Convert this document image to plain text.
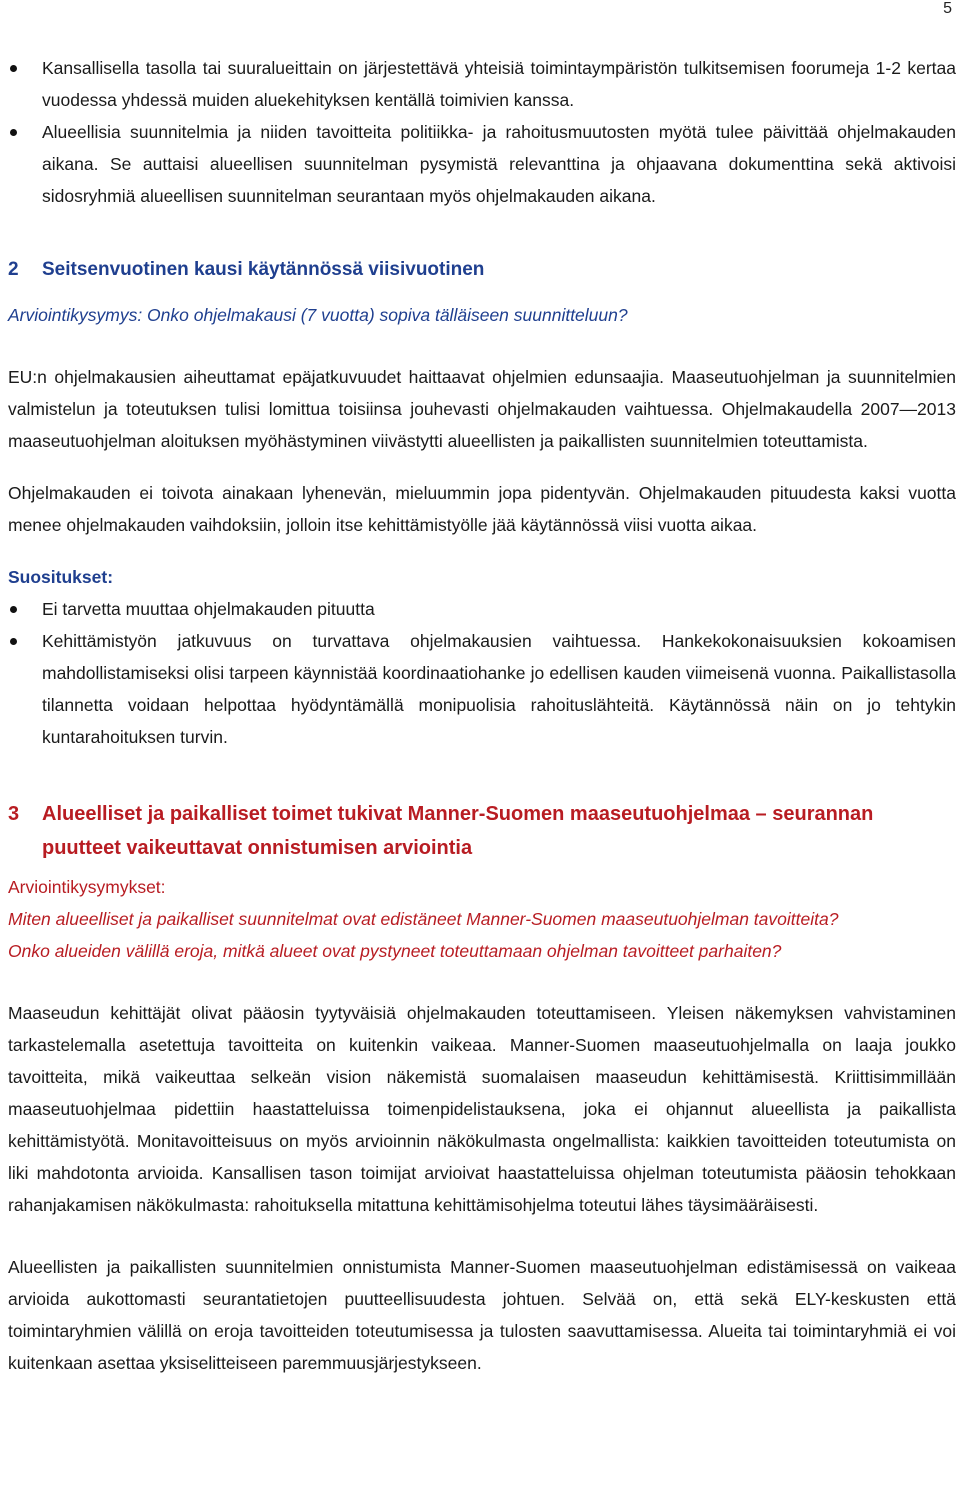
5
Kansallisella tasolla tai suuralueittain on järjestettävä yhteisiä toimintaympäristön tulkitsemisen foorumeja 1-2 kertaa vuodessa yhdessä muiden aluekehityksen kentällä toimivien kanssa.
Alueellisia suunnitelmia ja niiden tavoitteita politiikka- ja rahoitusmuutosten myötä tulee päivittää ohjelmakauden aikana. Se auttaisi alueellisen suunnitelman pysymistä relevanttina ja ohjaavana dokumenttina sekä aktivoisi sidosryhmiä alueellisen suunnitelman seurantaan myös ohjelmakauden aikana.
2 Seitsenvuotinen kausi käytännössä viisivuotinen
Arviointikysymys: Onko ohjelmakausi (7 vuotta) sopiva tälläiseen suunnitteluun?

EU:n ohjelmakausien aiheuttamat epäjatkuvuudet haittaavat ohjelmien edunsaajia. Maaseutuohjelman ja suunnitelmien valmistelun ja toteutuksen tulisi lomittua toisiinsa jouhevasti ohjelmakauden vaihtuessa. Ohjelmakaudella 2007—2013 maaseutuohjelman aloituksen myöhästyminen viivästytti alueellisten ja paikallisten suunnitelmien toteuttamista.

Ohjelmakauden ei toivota ainakaan lyhenevän, mieluummin jopa pidentyvän. Ohjelmakauden pituudesta kaksi vuotta menee ohjelmakauden vaihdoksiin, jolloin itse kehittämistyölle jää käytännössä viisi vuotta aikaa.

Suositukset:
Ei tarvetta muuttaa ohjelmakauden pituutta
Kehittämistyön jatkuvuus on turvattava ohjelmakausien vaihtuessa. Hankekokonaisuuksien kokoamisen mahdollistamiseksi olisi tarpeen käynnistää koordinaatiohanke jo edellisen kauden viimeisenä vuonna. Paikallistasolla tilannetta voidaan helpottaa hyödyntämällä monipuolisia rahoituslähteitä. Käytännössä näin on jo tehtykin kuntarahoituksen turvin.
3	Alueelliset ja paikalliset toimet tukivat Manner-Suomen maaseutuohjelmaa – seurannan puutteet vaikeuttavat onnistumisen arviointia
Arviointikysymykset:
Miten alueelliset ja paikalliset suunnitelmat ovat edistäneet Manner-Suomen maaseutuohjelman tavoitteita?
Onko alueiden välillä eroja, mitkä alueet ovat pystyneet toteuttamaan ohjelman tavoitteet parhaiten?

Maaseudun kehittäjät olivat pääosin tyytyväisiä ohjelmakauden toteuttamiseen. Yleisen näkemyksen vahvistaminen tarkastelemalla asetettuja tavoitteita on kuitenkin vaikeaa. Manner-Suomen maaseutuohjelmalla on laaja joukko tavoitteita, mikä vaikeuttaa selkeän vision näkemistä suomalaisen maaseudun kehittämisestä. Kriittisimmillään maaseutuohjelmaa pidettiin haastatteluissa toimenpidelistauksena, joka ei ohjannut alueellista ja paikallista kehittämistyötä. Monitavoitteisuus on myös arvioinnin näkökulmasta ongelmallista: kaikkien tavoitteiden toteutumista on liki mahdotonta arvioida. Kansallisen tason toimijat arvioivat haastatteluissa ohjelman toteutumista pääosin tehokkaan rahanjakamisen näkökulmasta: rahoituksella mitattuna kehittämisohjelma toteutui lähes täysimääräisesti.

Alueellisten ja paikallisten suunnitelmien onnistumista Manner-Suomen maaseutuohjelman edistämisessä on vaikeaa arvioida aukottomasti seurantatietojen puutteellisuudesta johtuen. Selvää on, että sekä ELY-keskusten että toimintaryhmien välillä on eroja tavoitteiden toteutumisessa ja tulosten saavuttamisessa. Alueita tai toimintaryhmiä ei voi kuitenkaan asettaa yksiselitteiseen paremmuusjärjestykseen.
